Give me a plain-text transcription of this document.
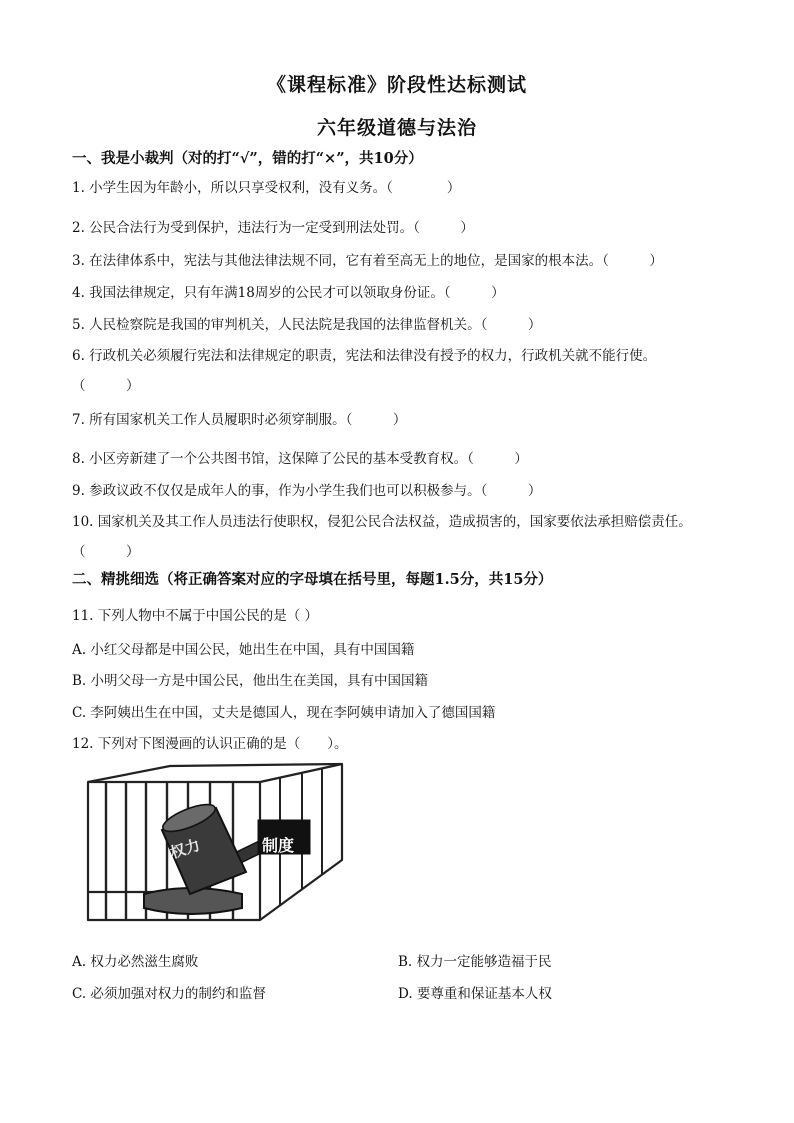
《课程标准》阶段性达标测试
六年级道德与法治
一、我是小裁判（对的打“√”，错的打“×”，共10分）
1. 小学生因为年龄小，所以只享受权利，没有义务。（　　　　）
2. 公民合法行为受到保护，违法行为一定受到刑法处罚。（　　　）
3. 在法律体系中，宪法与其他法律法规不同，它有着至高无上的地位，是国家的根本法。（　　　）
4. 我国法律规定，只有年满18周岁的公民才可以领取身份证。（　　　）
5. 人民检察院是我国的审判机关，人民法院是我国的法律监督机关。（　　　）
6. 行政机关必须履行宪法和法律规定的职责，宪法和法律没有授予的权力，行政机关就不能行使。
（　　　）
7. 所有国家机关工作人员履职时必须穿制服。（　　　）
8. 小区旁新建了一个公共图书馆，这保障了公民的基本受教育权。（　　　）
9. 参政议政不仅仅是成年人的事，作为小学生我们也可以积极参与。（　　　）
10. 国家机关及其工作人员违法行使职权，侵犯公民合法权益，造成损害的，国家要依法承担赔偿责任。
（　　　）
二、精挑细选（将正确答案对应的字母填在括号里，每题1.5分，共15分）
11. 下列人物中不属于中国公民的是（ ）
A. 小红父母都是中国公民，她出生在中国，具有中国国籍
B. 小明父母一方是中国公民，他出生在美国，具有中国国籍
C. 李阿姨出生在中国，丈夫是德国人，现在李阿姨申请加入了德国国籍
12. 下列对下图漫画的认识正确的是（　　）。
权力	制度
A. 权力必然滋生腐败	B. 权力一定能够造福于民
C. 必须加强对权力的制约和监督	D. 要尊重和保证基本人权
